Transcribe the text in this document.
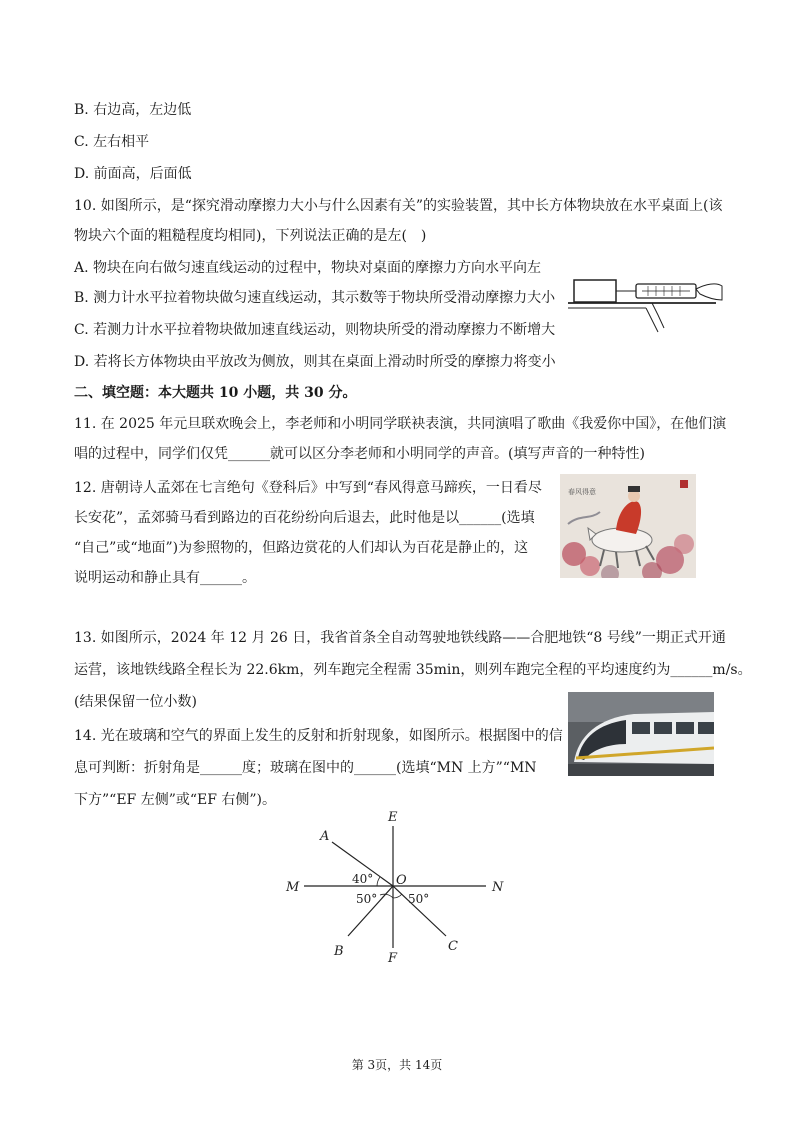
B. 右边高，左边低
C. 左右相平
D. 前面高，后面低
10. 如图所示，是“探究滑动摩擦力大小与什么因素有关”的实验装置，其中长方体物块放在水平桌面上(该
物块六个面的粗糙程度均相同)，下列说法正确的是左(　)
A. 物块在向右做匀速直线运动的过程中，物块对桌面的摩擦力方向水平向左
B. 测力计水平拉着物块做匀速直线运动，其示数等于物块所受滑动摩擦力大小
C. 若测力计水平拉着物块做加速直线运动，则物块所受的滑动摩擦力不断增大
D. 若将长方体物块由平放改为侧放，则其在桌面上滑动时所受的摩擦力将变小
二、填空题：本大题共 10 小题，共 30 分。
11. 在 2025 年元旦联欢晚会上，李老师和小明同学联袂表演，共同演唱了歌曲《我爱你中国》，在他们演
唱的过程中，同学们仅凭______就可以区分李老师和小明同学的声音。(填写声音的一种特性)
12. 唐朝诗人孟郊在七言绝句《登科后》中写到“春风得意马蹄疾，一日看尽
长安花”，孟郊骑马看到路边的百花纷纷向后退去，此时他是以______(选填
“自己”或“地面”)为参照物的，但路边赏花的人们却认为百花是静止的，这
说明运动和静止具有______。
春风得意
13. 如图所示，2024 年 12 月 26 日，我省首条全自动驾驶地铁线路——合肥地铁“8 号线”一期正式开通
运营，该地铁线路全程长为 22.6km，列车跑完全程需 35min，则列车跑完全程的平均速度约为______m/s。
(结果保留一位小数)
14. 光在玻璃和空气的界面上发生的反射和折射现象，如图所示。根据图中的信
息可判断：折射角是______度；玻璃在图中的______(选填“MN 上方”“MN
下方”“EF 左侧”或“EF 右侧”)。
E
F
M	N
A
B	C
O
40°
50°	50°
第 3页，共 14页
